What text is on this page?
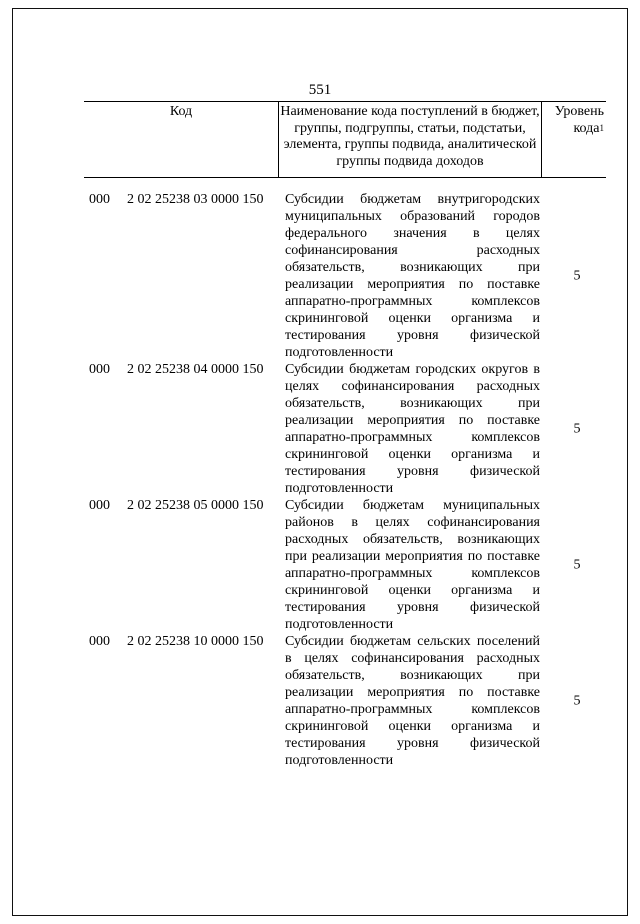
551
Код	Наименование кода поступлений в бюджет, группы, подгруппы, статьи, подстатьи, элемента, группы подвида, аналитической группы подвида доходов
Уровень кода$^1$
000 2 02 25238 03 0000 150 Субсидии бюджетам внутригородских муниципальных образований городов федерального значения в целях софинансирования расходных обязательств, возникающих при реализации мероприятия по поставке аппаратно-программных комплексов скрининговой оценки организма и тестирования уровня физической подготовленности
5
000 2 02 25238 04 0000 150 Субсидии бюджетам городских округов в целях софинансирования расходных обязательств, возникающих при реализации мероприятия по поставке аппаратно-программных комплексов скрининговой оценки организма и тестирования уровня физической подготовленности
5
000 2 02 25238 05 0000 150 Субсидии бюджетам муниципальных районов в целях софинансирования расходных обязательств, возникающих при реализации мероприятия по поставке аппаратно-программных комплексов скрининговой оценки организма и тестирования уровня физической подготовленности
5
000 2 02 25238 10 0000 150 Субсидии бюджетам сельских поселений в целях софинансирования расходных обязательств, возникающих при реализации мероприятия по поставке аппаратно-программных комплексов скрининговой оценки организма и тестирования уровня физической подготовленности
5
